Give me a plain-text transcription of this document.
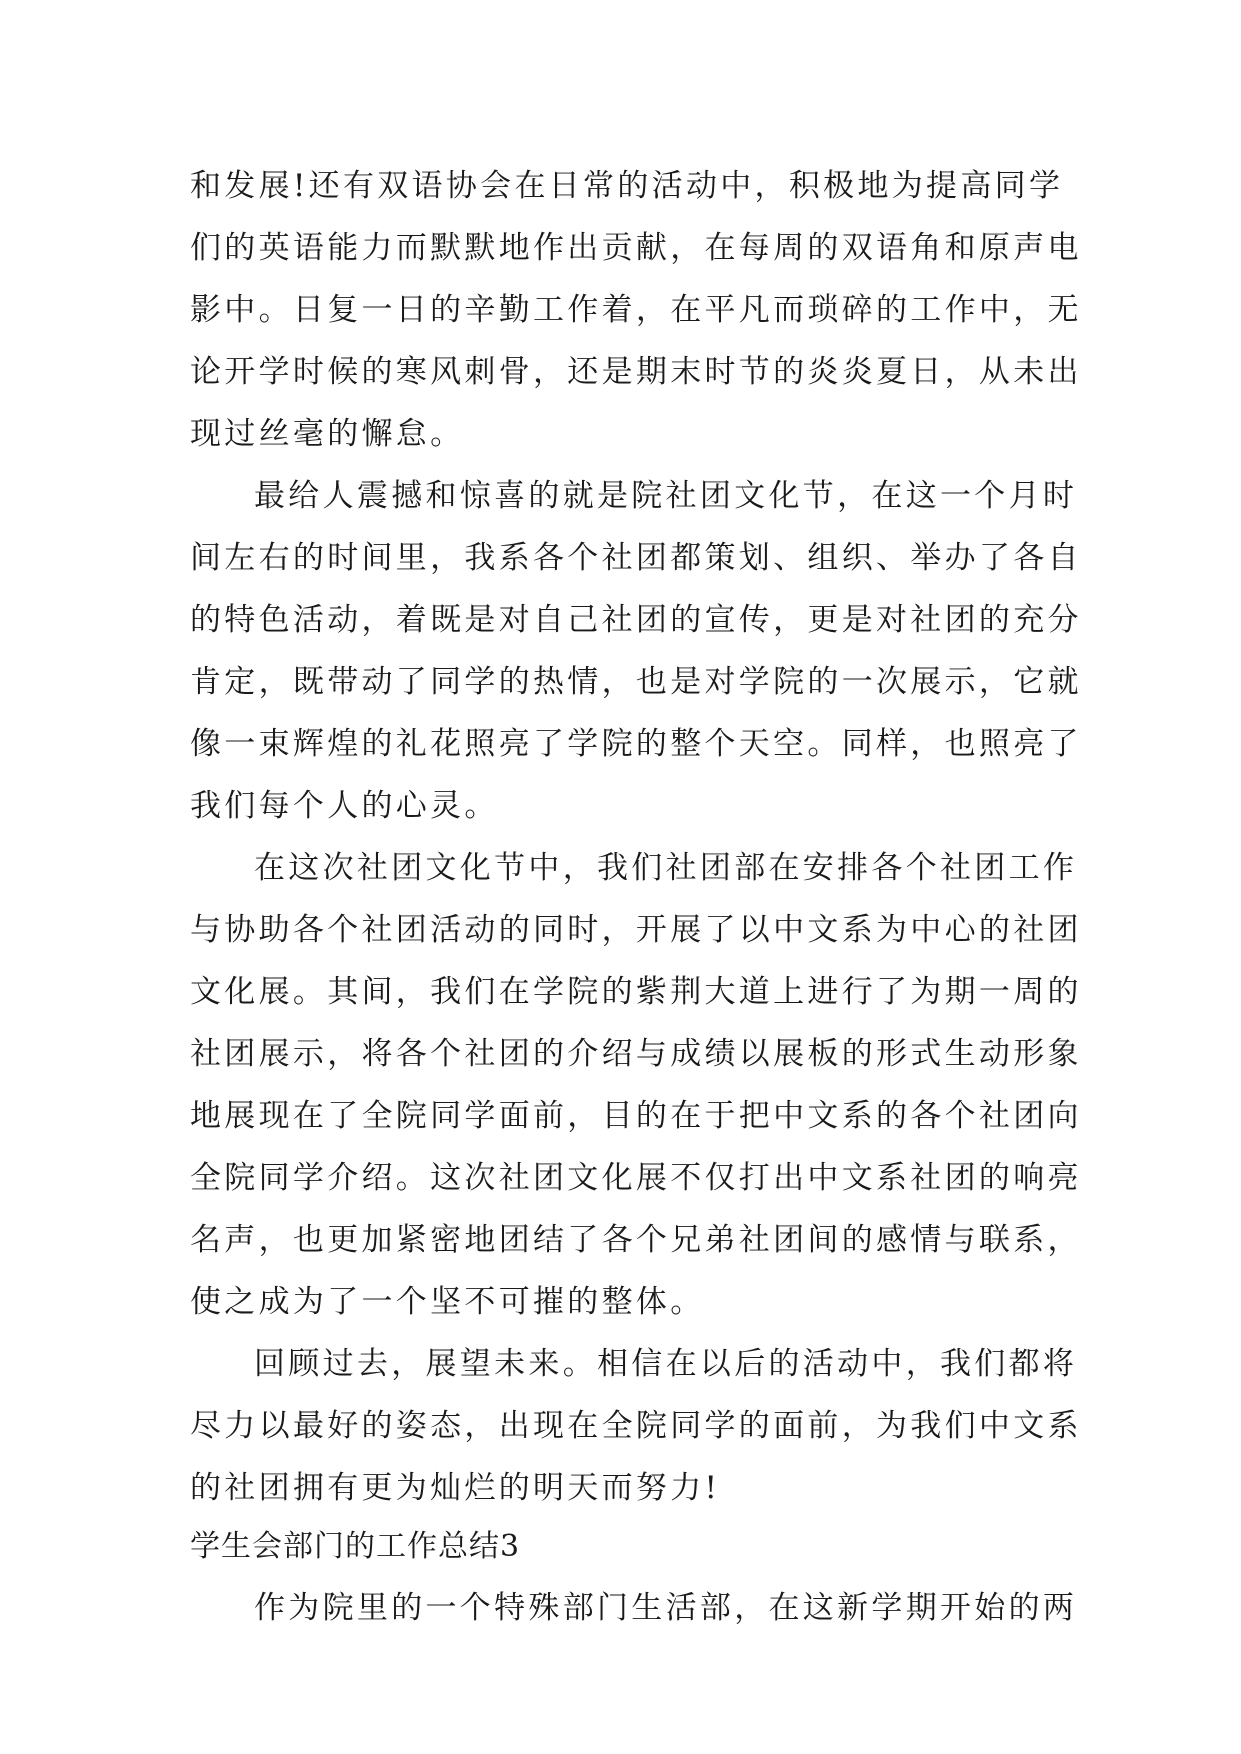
和发展!还有双语协会在日常的活动中，积极地为提高同学
们的英语能力而默默地作出贡献，在每周的双语角和原声电
影中。日复一日的辛勤工作着，在平凡而琐碎的工作中，无
论开学时候的寒风刺骨，还是期末时节的炎炎夏日，从未出
现过丝毫的懈怠。
最给人震撼和惊喜的就是院社团文化节，在这一个月时
间左右的时间里，我系各个社团都策划、组织、举办了各自
的特色活动，着既是对自己社团的宣传，更是对社团的充分
肯定，既带动了同学的热情，也是对学院的一次展示，它就
像一束辉煌的礼花照亮了学院的整个天空。同样，也照亮了
我们每个人的心灵。
在这次社团文化节中，我们社团部在安排各个社团工作
与协助各个社团活动的同时，开展了以中文系为中心的社团
文化展。其间，我们在学院的紫荆大道上进行了为期一周的
社团展示，将各个社团的介绍与成绩以展板的形式生动形象
地展现在了全院同学面前，目的在于把中文系的各个社团向
全院同学介绍。这次社团文化展不仅打出中文系社团的响亮
名声，也更加紧密地团结了各个兄弟社团间的感情与联系，
使之成为了一个坚不可摧的整体。
回顾过去，展望未来。相信在以后的活动中，我们都将
尽力以最好的姿态，出现在全院同学的面前，为我们中文系
的社团拥有更为灿烂的明天而努力!
学生会部门的工作总结3
作为院里的一个特殊部门生活部，在这新学期开始的两
